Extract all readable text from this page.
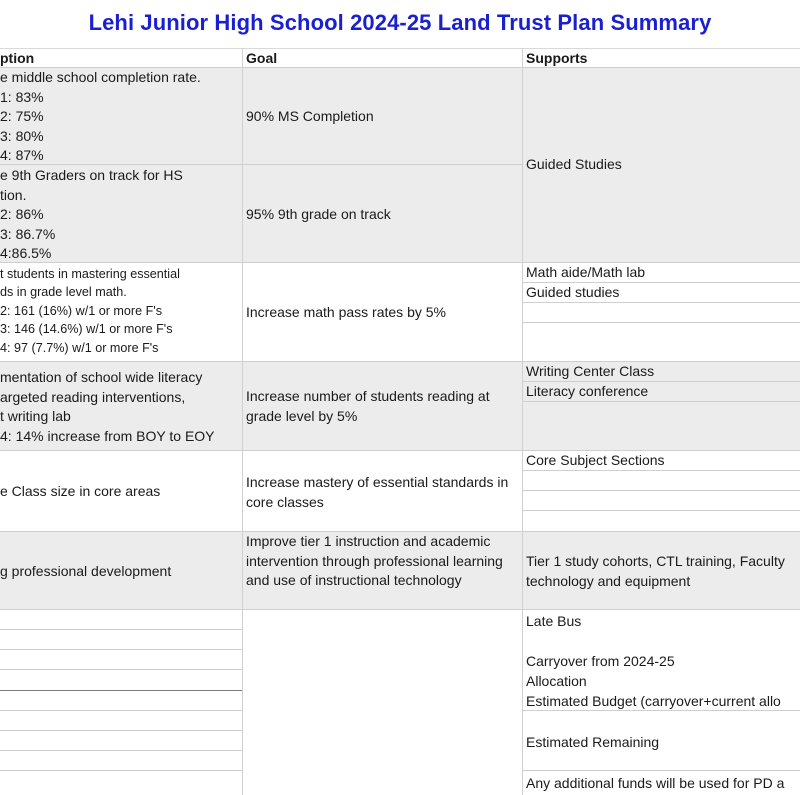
Lehi Junior High School 2024-25 Land Trust Plan Summary
ption	Goal	Supports
e middle school completion rate.
1: 83%
2: 75%
3: 80%
4: 87%
90% MS Completion
Guided Studies
e 9th Graders on track for HS
tion.
2: 86%
3: 86.7%
4:86.5%
95% 9th grade on track
t students in mastering essential
ds in grade level math.
2: 161 (16%) w/1 or more F's
3: 146 (14.6%) w/1 or more F's
4: 97 (7.7%) w/1 or more F's
Increase math pass rates by 5%
Math aide/Math lab
Guided studies
mentation of school wide literacy
argeted reading interventions,
t writing lab
4: 14% increase from BOY to EOY
Increase number of students reading at grade level by 5%
Writing Center Class
Literacy conference
e Class size in core areas
Increase mastery of essential standards in core classes
Core Subject Sections
g professional development
Improve tier 1 instruction and academic intervention through professional learning and use of instructional technology
Tier 1 study cohorts, CTL training, Faculty
technology and equipment
Late Bus
Carryover from 2024-25
Allocation
Estimated Budget (carryover+current allo
Estimated Remaining
Any additional funds will be used for PD a
